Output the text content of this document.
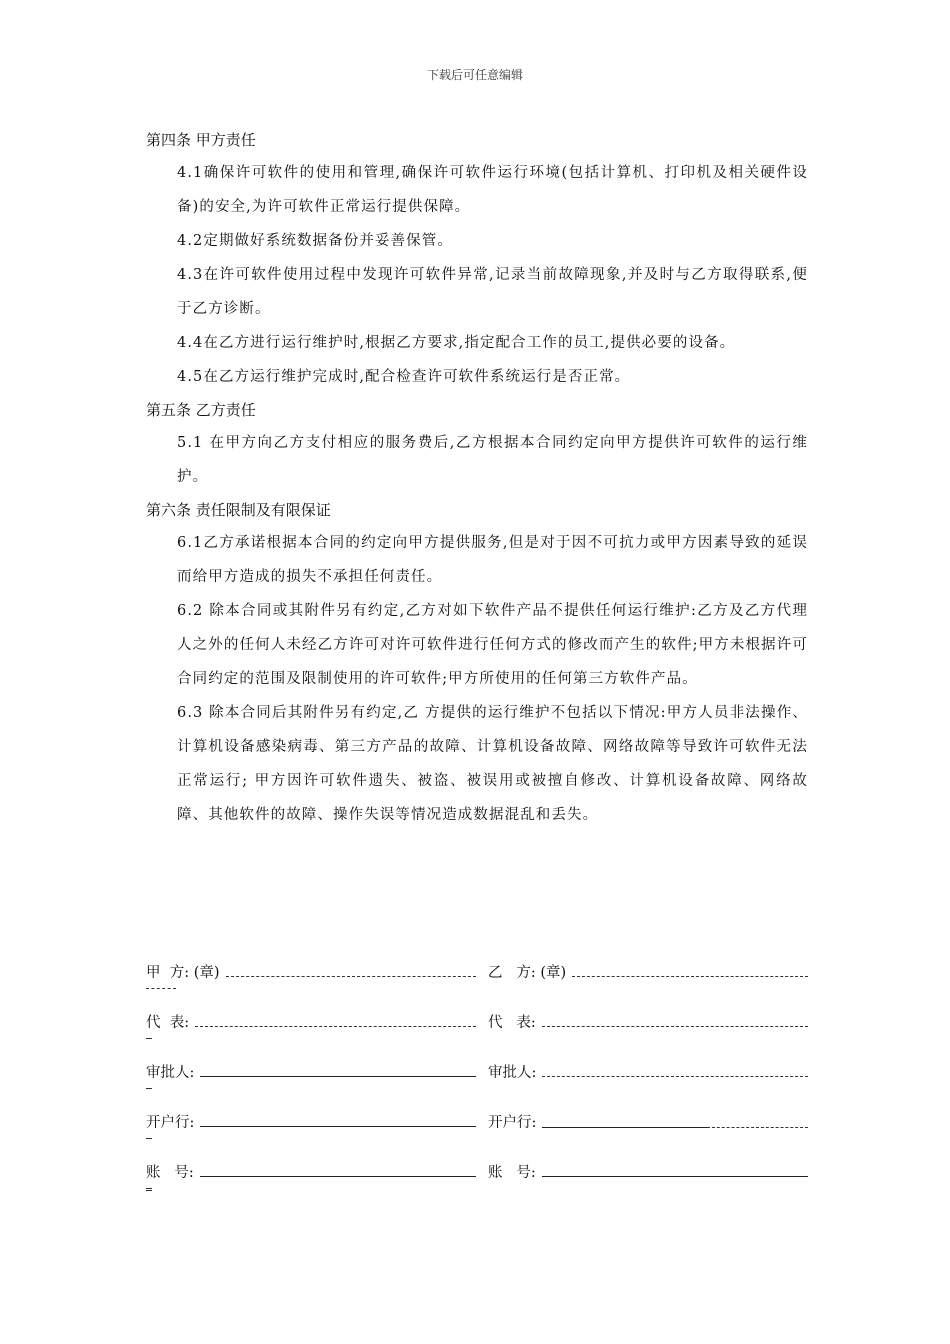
下载后可任意编辑

第四条 甲方责任

4.1确保许可软件的使用和管理,确保许可软件运行环境(包括计算机、打印机及相关硬件设备)的安全,为许可软件正常运行提供保障。

4.2定期做好系统数据备份并妥善保管。

4.3在许可软件使用过程中发现许可软件异常,记录当前故障现象,并及时与乙方取得联系,便于乙方诊断。

4.4在乙方进行运行维护时,根据乙方要求,指定配合工作的员工,提供必要的设备。

4.5在乙方运行维护完成时,配合检查许可软件系统运行是否正常。

第五条 乙方责任

5.1 在甲方向乙方支付相应的服务费后,乙方根据本合同约定向甲方提供许可软件的运行维护。

第六条 责任限制及有限保证

6.1乙方承诺根据本合同的约定向甲方提供服务,但是对于因不可抗力或甲方因素导致的延误而给甲方造成的损失不承担任何责任。

6.2 除本合同或其附件另有约定,乙方对如下软件产品不提供任何运行维护:乙方及乙方代理人之外的任何人未经乙方许可对许可软件进行任何方式的修改而产生的软件;甲方未根据许可合同约定的范围及限制使用的许可软件;甲方所使用的任何第三方软件产品。

6.3 除本合同后其附件另有约定,乙 方提供的运行维护不包括以下情况:甲方人员非法操作、计算机设备感染病毒、第三方产品的故障、计算机设备故障、网络故障等导致许可软件无法正常运行; 甲方因许可软件遗失、被盗、被误用或被擅自修改、计算机设备故障、网络故障、其他软件的故障、操作失误等情况造成数据混乱和丢失。

甲  方: (章)	乙   方: (章)
代  表:	代   表:
审批人:	审批人:
开户行:	开户行:
账   号:	账   号:
